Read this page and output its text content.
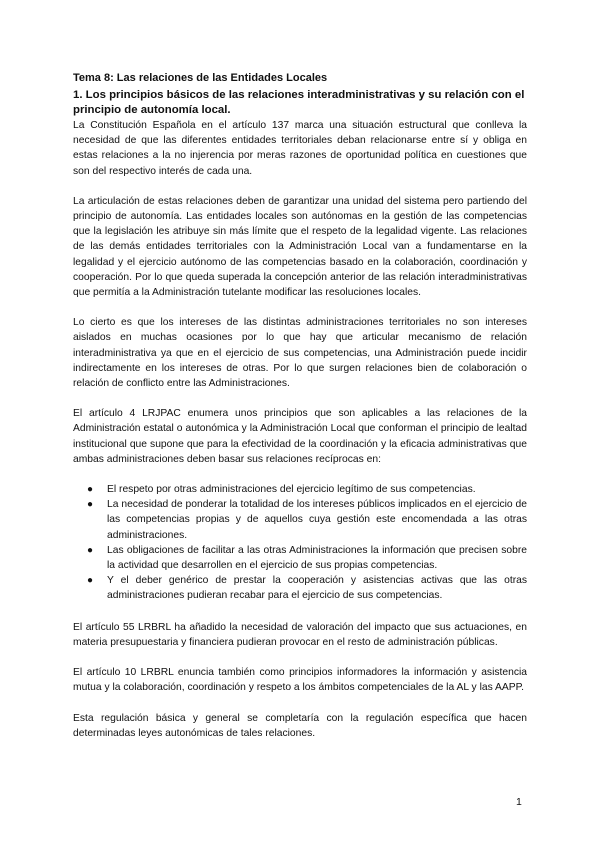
Tema 8: Las relaciones de las Entidades Locales

1. Los principios básicos de las relaciones interadministrativas y su relación con el principio de autonomía local.

La Constitución Española en el artículo 137 marca una situación estructural que conlleva la necesidad de que las diferentes entidades territoriales deban relacionarse entre sí y obliga en estas relaciones a la no injerencia por meras razones de oportunidad política en cuestiones que son del respectivo interés de cada una.

La articulación de estas relaciones deben de garantizar una unidad del sistema pero partiendo del principio de autonomía. Las entidades locales son autónomas en la gestión de las competencias que la legislación les atribuye sin más límite que el respeto de la legalidad vigente. Las relaciones de las demás entidades territoriales con la Administración Local van a fundamentarse en la legalidad y el ejercicio autónomo de las competencias basado en la colaboración, coordinación y cooperación. Por lo que queda superada la concepción anterior de las relación interadministrativas que permitía a la Administración tutelante modificar las resoluciones locales.

Lo cierto es que los intereses de las distintas administraciones territoriales no son intereses aislados en muchas ocasiones por lo que hay que articular mecanismo de relación interadministrativa ya que en el ejercicio de sus competencias, una Administración puede incidir indirectamente en los intereses de otras. Por lo que surgen relaciones bien de colaboración o relación de conflicto entre las Administraciones.

El artículo 4 LRJPAC enumera unos principios que son aplicables a las relaciones de la Administración estatal o autonómica y la Administración Local que conforman el principio de lealtad institucional que supone que para la efectividad de la coordinación y la eficacia administrativas que ambas administraciones deben basar sus relaciones recíprocas en:

● El respeto por otras administraciones del ejercicio legítimo de sus competencias.
● La necesidad de ponderar la totalidad de los intereses públicos implicados en el ejercicio de las competencias propias y de aquellos cuya gestión este encomendada a las otras administraciones.
● Las obligaciones de facilitar a las otras Administraciones la información que precisen sobre la actividad que desarrollen en el ejercicio de sus propias competencias.
● Y el deber genérico de prestar la cooperación y asistencias activas que las otras administraciones pudieran recabar para el ejercicio de sus competencias.

El artículo 55 LRBRL ha añadido la necesidad de valoración del impacto que sus actuaciones, en materia presupuestaria y financiera pudieran provocar en el resto de administración públicas.

El artículo 10 LRBRL enuncia también como principios informadores la información y asistencia mutua y la colaboración, coordinación y respeto a los ámbitos competenciales de la AL y las AAPP.

Esta regulación básica y general se completaría con la regulación específica que hacen determinadas leyes autonómicas de tales relaciones.

1
